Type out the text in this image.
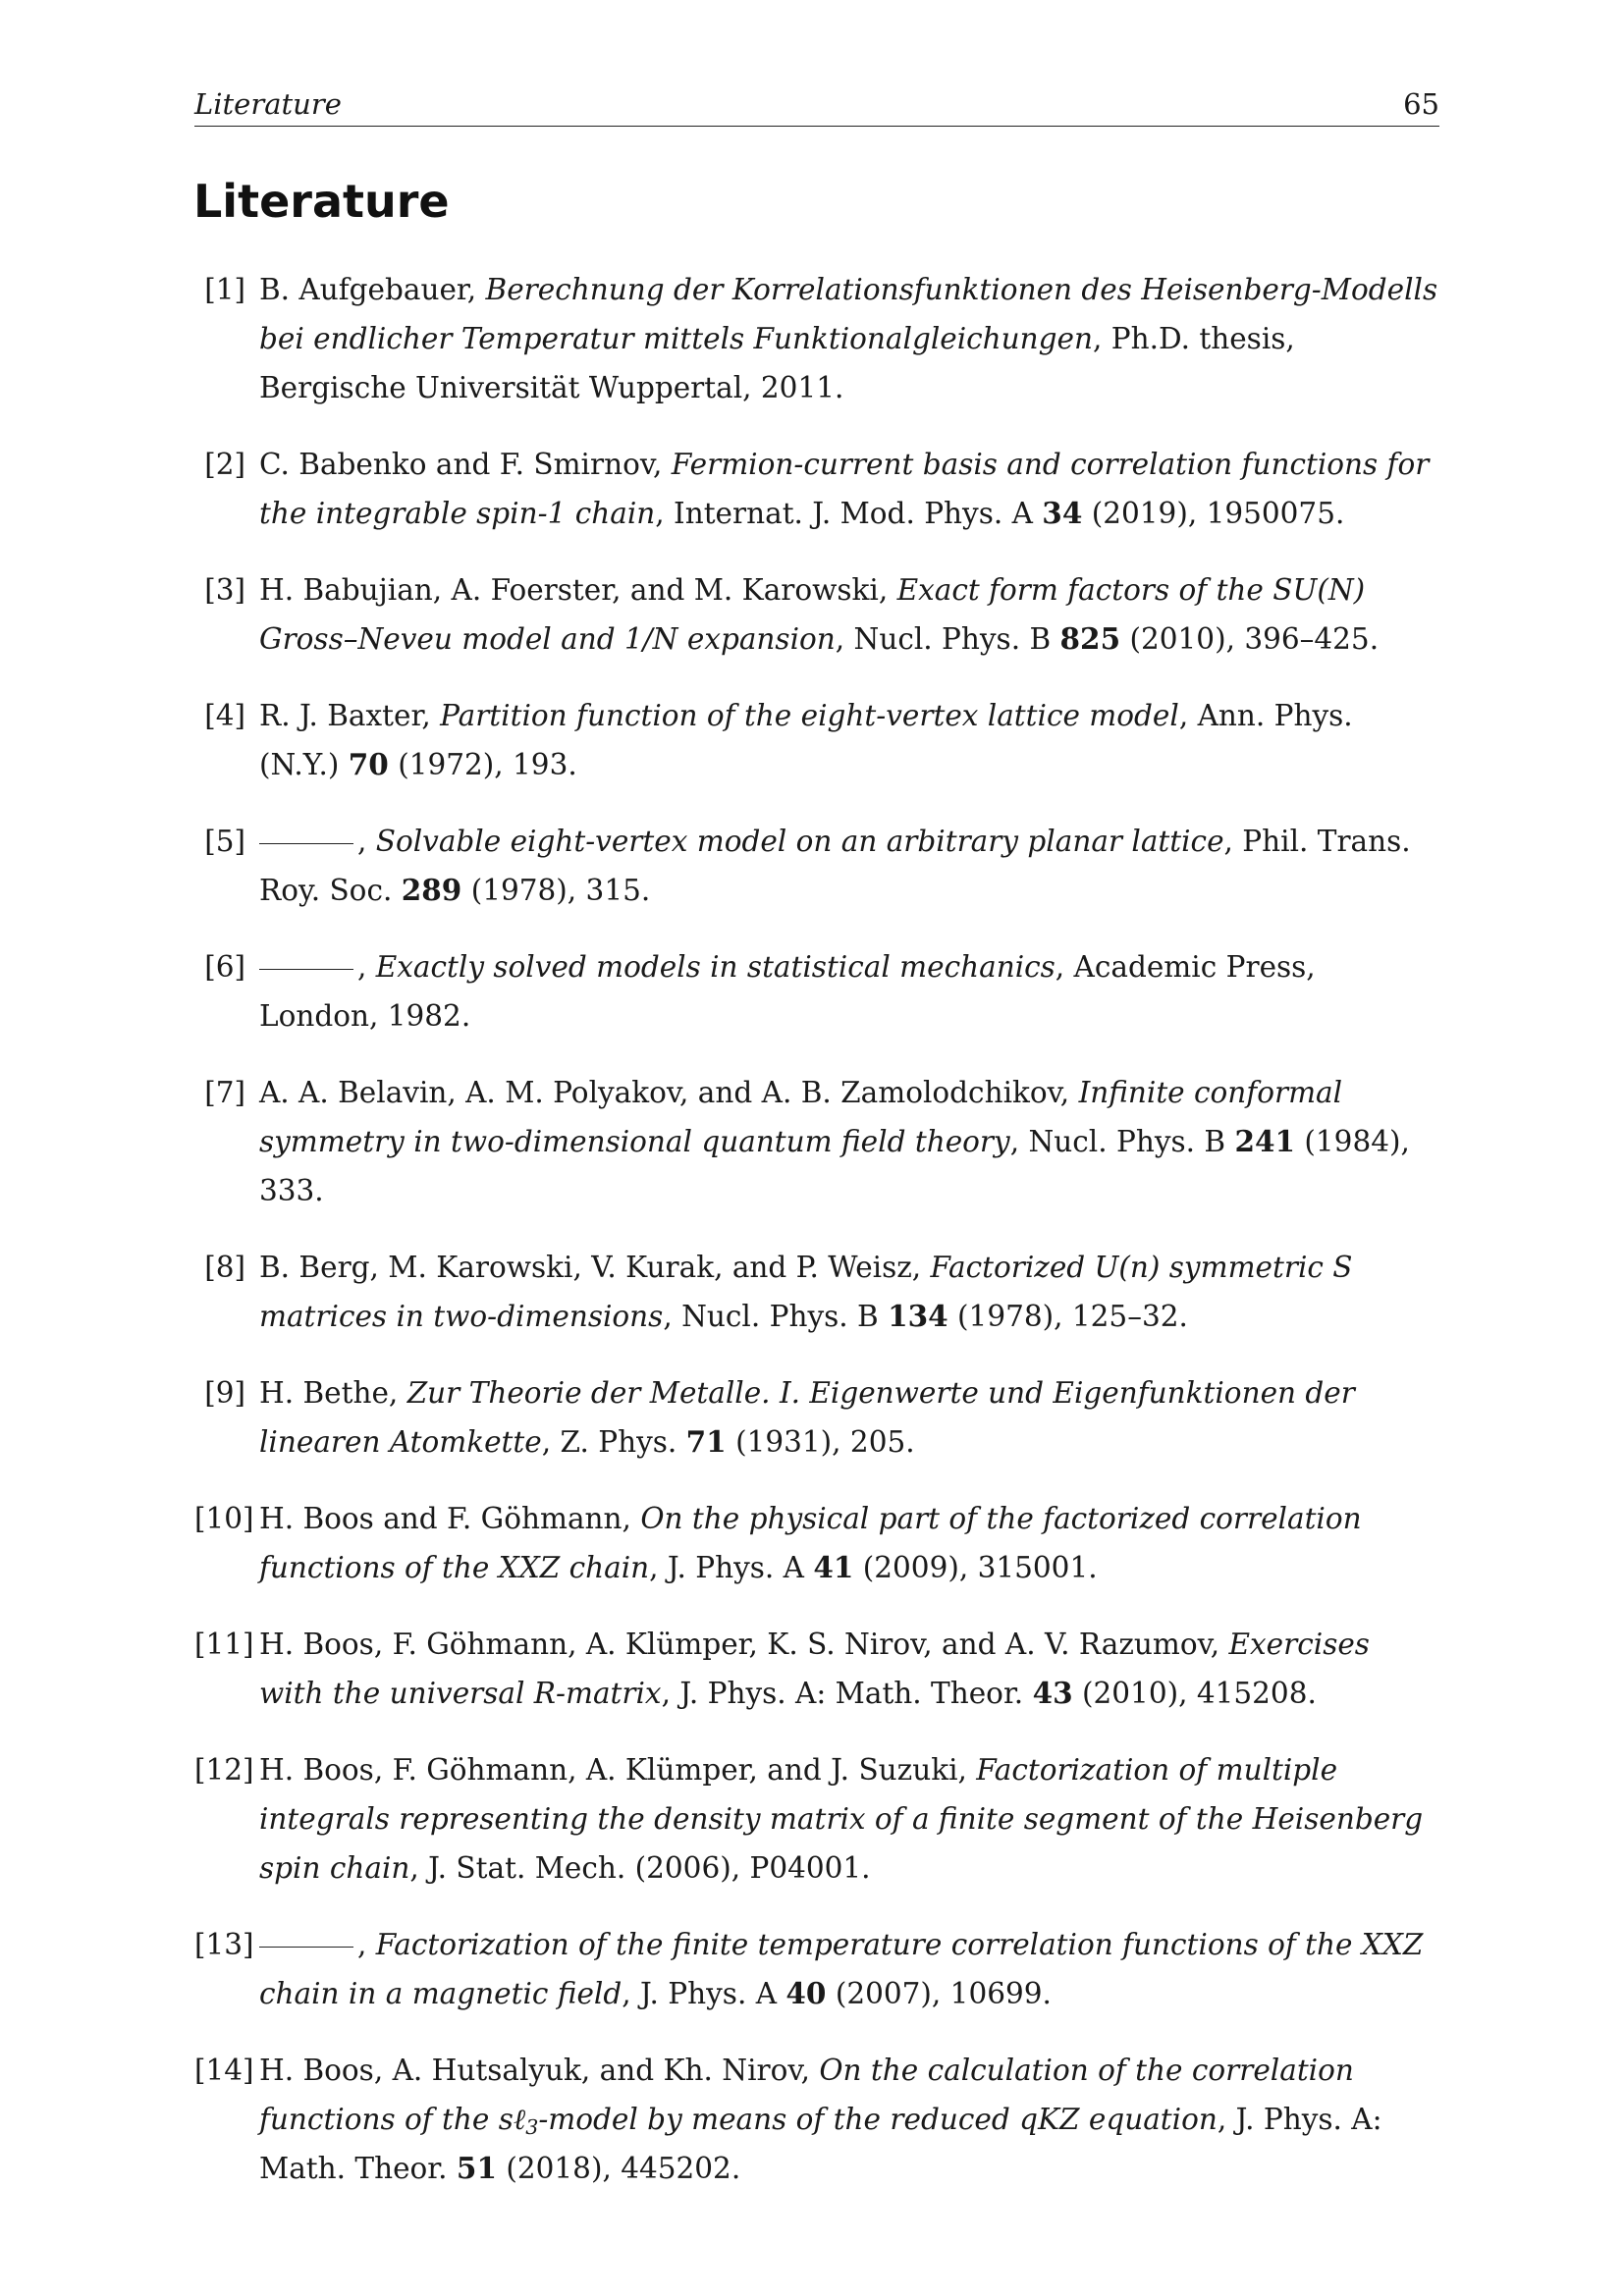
Literature	65
Literature
[1] B. Aufgebauer, Berechnung der Korrelationsfunktionen des Heisenberg-Modells bei endlicher Temperatur mittels Funktionalgleichungen, Ph.D. thesis, Bergische Universität Wuppertal, 2011.
[2] C. Babenko and F. Smirnov, Fermion-current basis and correlation functions for the integrable spin-1 chain, Internat. J. Mod. Phys. A 34 (2019), 1950075.
[3] H. Babujian, A. Foerster, and M. Karowski, Exact form factors of the SU(N) Gross–Neveu model and 1/N expansion, Nucl. Phys. B 825 (2010), 396–425.
[4] R. J. Baxter, Partition function of the eight-vertex lattice model, Ann. Phys. (N.Y.) 70 (1972), 193.
[5]	, Solvable eight-vertex model on an arbitrary planar lattice, Phil. Trans. Roy. Soc. 289 (1978), 315.
[6]	, Exactly solved models in statistical mechanics, Academic Press, London, 1982.
[7] A. A. Belavin, A. M. Polyakov, and A. B. Zamolodchikov, Infinite conformal symmetry in two-dimensional quantum field theory, Nucl. Phys. B 241 (1984), 333.
[8] B. Berg, M. Karowski, V. Kurak, and P. Weisz, Factorized U(n) symmetric S matrices in two-dimensions, Nucl. Phys. B 134 (1978), 125–32.
[9] H. Bethe, Zur Theorie der Metalle. I. Eigenwerte und Eigenfunktionen der linearen Atomkette, Z. Phys. 71 (1931), 205.
[10] H. Boos and F. Göhmann, On the physical part of the factorized correlation functions of the XXZ chain, J. Phys. A 41 (2009), 315001.
[11] H. Boos, F. Göhmann, A. Klümper, K. S. Nirov, and A. V. Razumov, Exercises with the universal R-matrix, J. Phys. A: Math. Theor. 43 (2010), 415208.
[12] H. Boos, F. Göhmann, A. Klümper, and J. Suzuki, Factorization of multiple integrals representing the density matrix of a finite segment of the Heisenberg spin chain, J. Stat. Mech. (2006), P04001.
[13]	, Factorization of the finite temperature correlation functions of the XXZ chain in a magnetic field, J. Phys. A 40 (2007), 10699.
[14] H. Boos, A. Hutsalyuk, and Kh. Nirov, On the calculation of the correlation functions of the sℓ$_3$-model by means of the reduced qKZ equation, J. Phys. A: Math. Theor. 51 (2018), 445202.
